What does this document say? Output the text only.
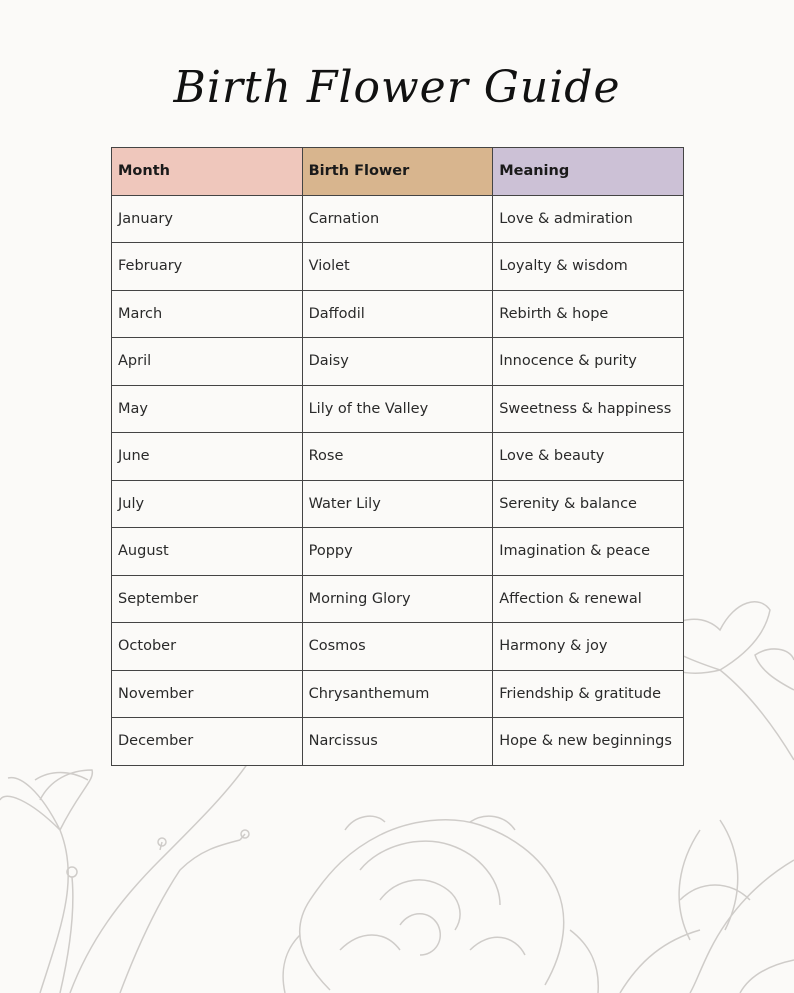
Birth Flower Guide
Month	Birth Flower	Meaning
January	Carnation	Love & admiration
February	Violet	Loyalty & wisdom
March	Daffodil	Rebirth & hope
April	Daisy	Innocence & purity
May	Lily of the Valley	Sweetness & happiness
June	Rose	Love & beauty
July	Water Lily	Serenity & balance
August	Poppy	Imagination & peace
September	Morning Glory	Affection & renewal
October	Cosmos	Harmony & joy
November	Chrysanthemum	Friendship & gratitude
December	Narcissus	Hope & new beginnings
